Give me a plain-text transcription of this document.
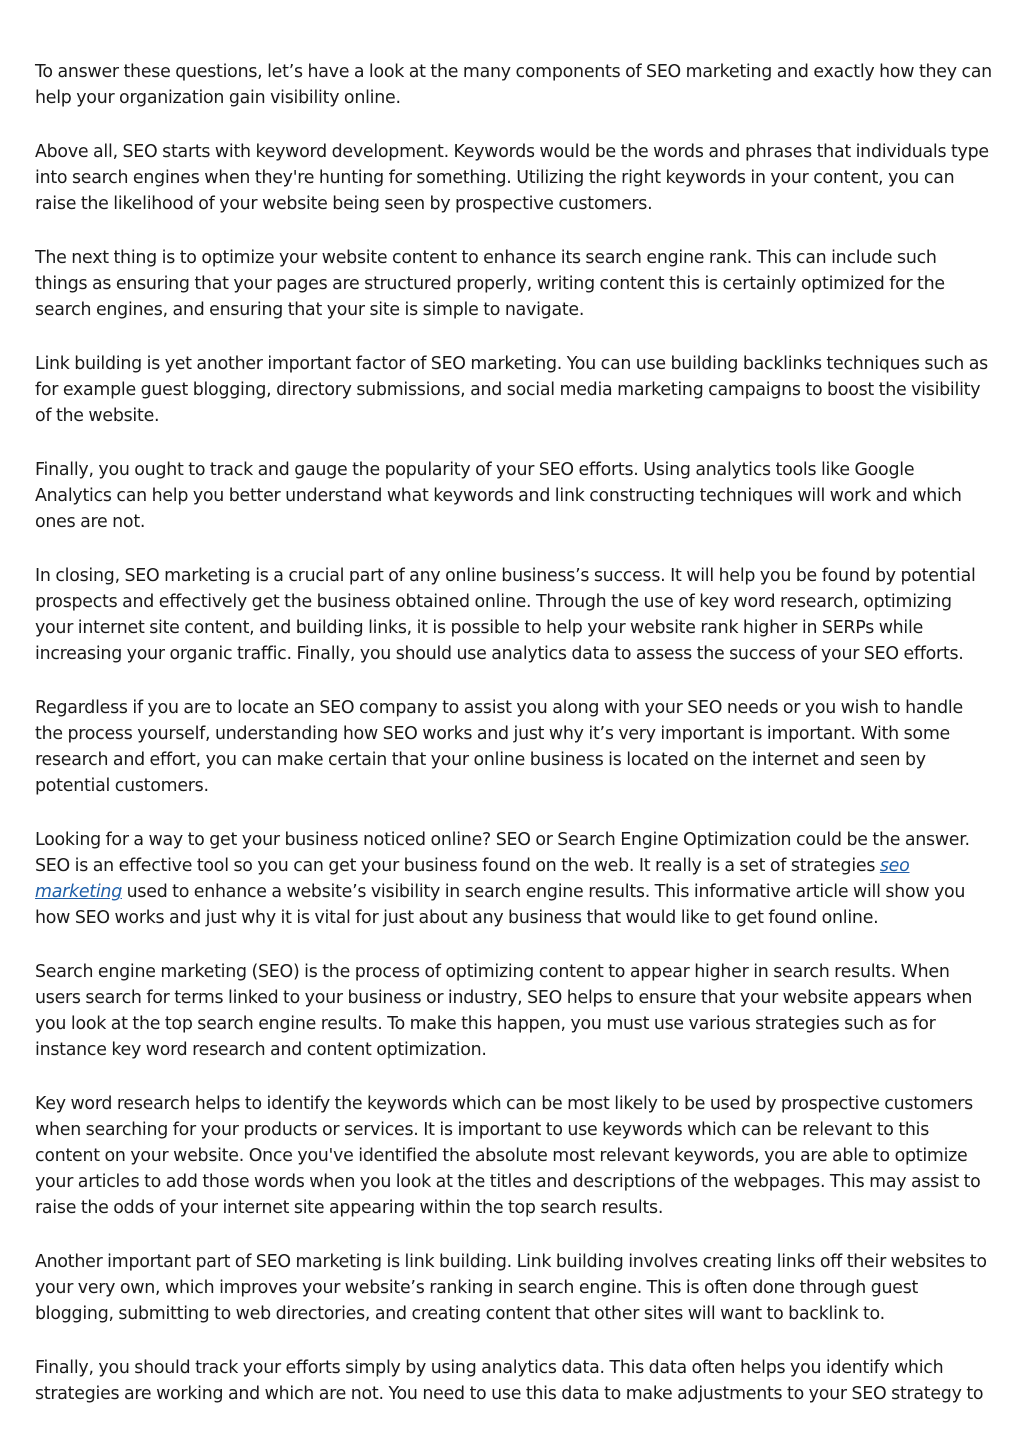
To answer these questions, let’s have a look at the many components of SEO marketing and exactly how they can help your organization gain visibility online.

Above all, SEO starts with keyword development. Keywords would be the words and phrases that individuals type into search engines when they're hunting for something. Utilizing the right keywords in your content, you can raise the likelihood of your website being seen by prospective customers.

The next thing is to optimize your website content to enhance its search engine rank. This can include such things as ensuring that your pages are structured properly, writing content this is certainly optimized for the search engines, and ensuring that your site is simple to navigate.

Link building is yet another important factor of SEO marketing. You can use building backlinks techniques such as for example guest blogging, directory submissions, and social media marketing campaigns to boost the visibility of the website.

Finally, you ought to track and gauge the popularity of your SEO efforts. Using analytics tools like Google Analytics can help you better understand what keywords and link constructing techniques will work and which ones are not.

In closing, SEO marketing is a crucial part of any online business’s success. It will help you be found by potential prospects and effectively get the business obtained online. Through the use of key word research, optimizing your internet site content, and building links, it is possible to help your website rank higher in SERPs while increasing your organic traffic. Finally, you should use analytics data to assess the success of your SEO efforts.

Regardless if you are to locate an SEO company to assist you along with your SEO needs or you wish to handle the process yourself, understanding how SEO works and just why it’s very important is important. With some research and effort, you can make certain that your online business is located on the internet and seen by potential customers.

Looking for a way to get your business noticed online? SEO or Search Engine Optimization could be the answer. SEO is an effective tool so you can get your business found on the web. It really is a set of strategies seo marketing used to enhance a website’s visibility in search engine results. This informative article will show you how SEO works and just why it is vital for just about any business that would like to get found online.

Search engine marketing (SEO) is the process of optimizing content to appear higher in search results. When users search for terms linked to your business or industry, SEO helps to ensure that your website appears when you look at the top search engine results. To make this happen, you must use various strategies such as for instance key word research and content optimization.

Key word research helps to identify the keywords which can be most likely to be used by prospective customers when searching for your products or services. It is important to use keywords which can be relevant to this content on your website. Once you've identified the absolute most relevant keywords, you are able to optimize your articles to add those words when you look at the titles and descriptions of the webpages. This may assist to raise the odds of your internet site appearing within the top search results.

Another important part of SEO marketing is link building. Link building involves creating links off their websites to your very own, which improves your website’s ranking in search engine. This is often done through guest blogging, submitting to web directories, and creating content that other sites will want to backlink to.

Finally, you should track your efforts simply by using analytics data. This data often helps you identify which strategies are working and which are not. You need to use this data to make adjustments to your SEO strategy to
